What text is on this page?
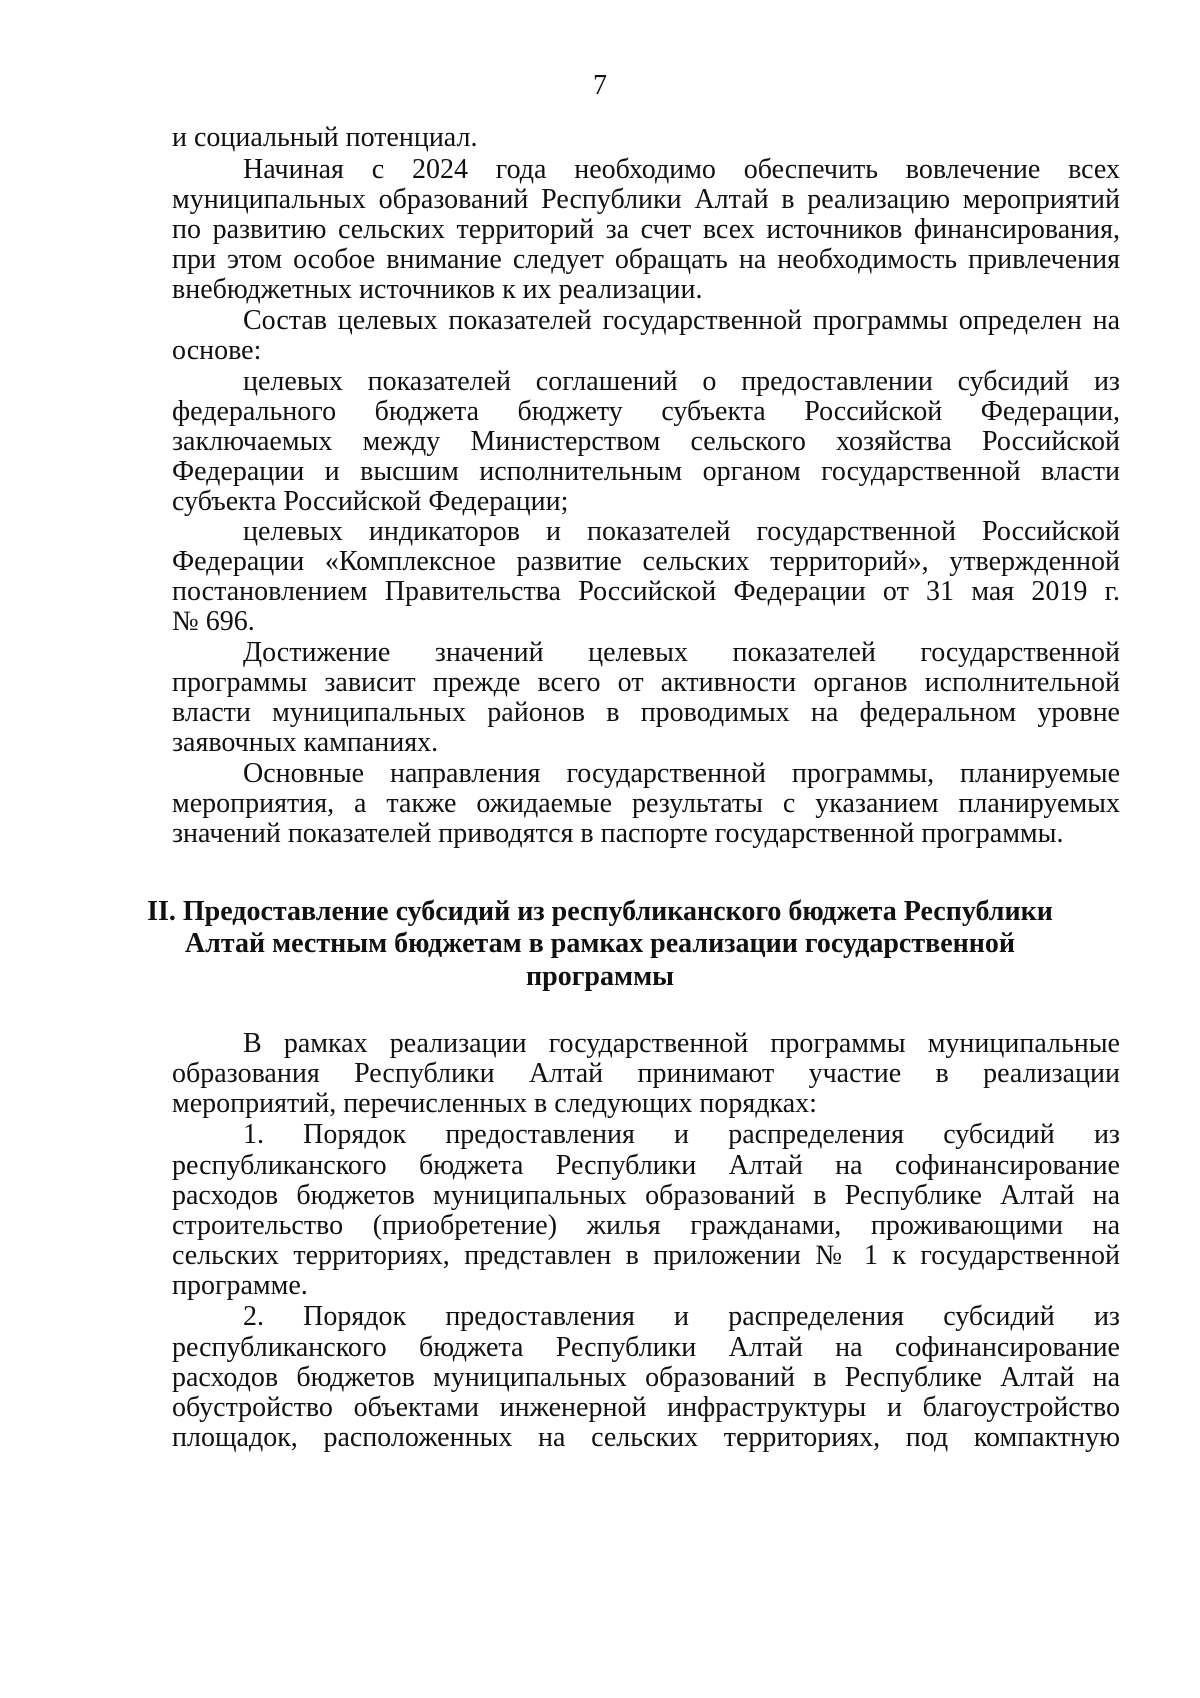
7
и социальный потенциал.
Начиная с 2024 года необходимо обеспечить вовлечение всех
муниципальных образований Республики Алтай в реализацию мероприятий
по развитию сельских территорий за счет всех источников финансирования,
при этом особое внимание следует обращать на необходимость привлечения
внебюджетных источников к их реализации.
Состав целевых показателей государственной программы определен на
основе:
целевых показателей соглашений о предоставлении субсидий из
федерального бюджета бюджету субъекта Российской Федерации,
заключаемых между Министерством сельского хозяйства Российской
Федерации и высшим исполнительным органом государственной власти
субъекта Российской Федерации;
целевых индикаторов и показателей государственной Российской
Федерации «Комплексное развитие сельских территорий», утвержденной
постановлением Правительства Российской Федерации от 31 мая 2019 г.
№ 696.
Достижение значений целевых показателей государственной
программы зависит прежде всего от активности органов исполнительной
власти муниципальных районов в проводимых на федеральном уровне
заявочных кампаниях.
Основные направления государственной программы, планируемые
мероприятия, а также ожидаемые результаты с указанием планируемых
значений показателей приводятся в паспорте государственной программы.
II. Предоставление субсидий из республиканского бюджета Республики
Алтай местным бюджетам в рамках реализации государственной
программы
В рамках реализации государственной программы муниципальные
образования Республики Алтай принимают участие в реализации
мероприятий, перечисленных в следующих порядках:
1. Порядок предоставления и распределения субсидий из
республиканского бюджета Республики Алтай на софинансирование
расходов бюджетов муниципальных образований в Республике Алтай на
строительство (приобретение) жилья гражданами, проживающими на
сельских территориях, представлен в приложении № 1 к государственной
программе.
2. Порядок предоставления и распределения субсидий из
республиканского бюджета Республики Алтай на софинансирование
расходов бюджетов муниципальных образований в Республике Алтай на
обустройство объектами инженерной инфраструктуры и благоустройство
площадок, расположенных на сельских территориях, под компактную
